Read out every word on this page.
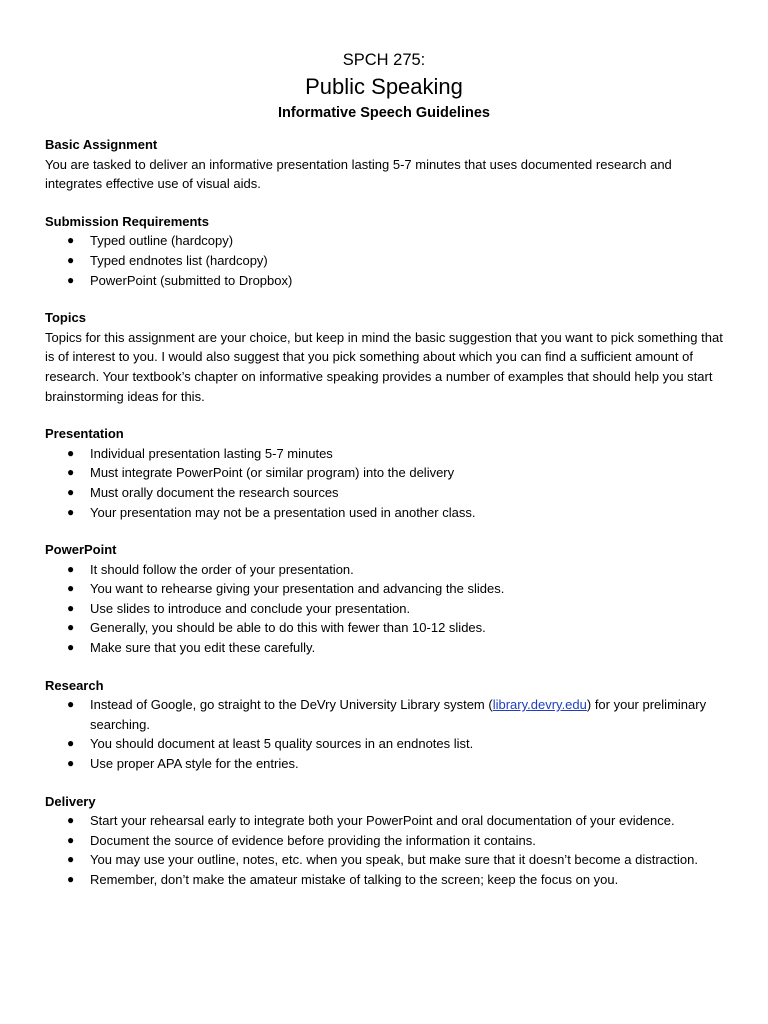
SPCH 275:
Public Speaking
Informative Speech Guidelines
Basic Assignment

You are tasked to deliver an informative presentation lasting 5-7 minutes that uses documented research and integrates effective use of visual aids.

Submission Requirements
● Typed outline (hardcopy)
● Typed endnotes list (hardcopy)
● PowerPoint (submitted to Dropbox)
Topics

Topics for this assignment are your choice, but keep in mind the basic suggestion that you want to pick something that is of interest to you. I would also suggest that you pick something about which you can find a sufficient amount of research. Your textbook’s chapter on informative speaking provides a number of examples that should help you start brainstorming ideas for this.

Presentation
● Individual presentation lasting 5-7 minutes
● Must integrate PowerPoint (or similar program) into the delivery
● Must orally document the research sources
● Your presentation may not be a presentation used in another class.
PowerPoint
● It should follow the order of your presentation.
● You want to rehearse giving your presentation and advancing the slides.
● Use slides to introduce and conclude your presentation.
● Generally, you should be able to do this with fewer than 10-12 slides.
● Make sure that you edit these carefully.
Research
● Instead of Google, go straight to the DeVry University Library system (library.devry.edu) for your preliminary searching.
● You should document at least 5 quality sources in an endnotes list.
● Use proper APA style for the entries.
Delivery
● Start your rehearsal early to integrate both your PowerPoint and oral documentation of your evidence.
● Document the source of evidence before providing the information it contains.
● You may use your outline, notes, etc. when you speak, but make sure that it doesn’t become a distraction.
● Remember, don’t make the amateur mistake of talking to the screen; keep the focus on you.
